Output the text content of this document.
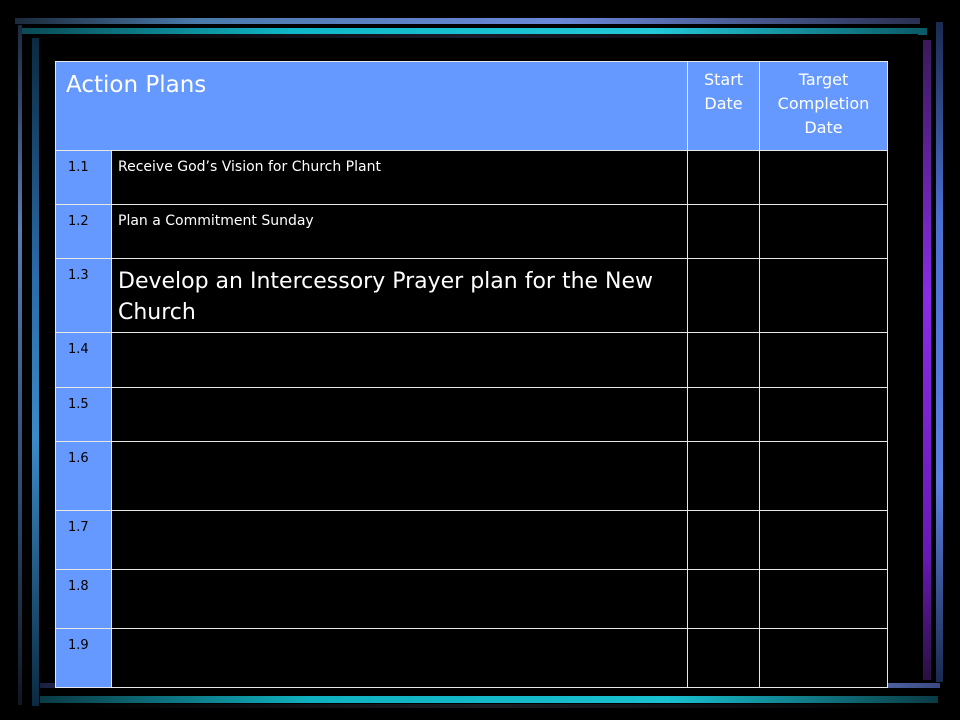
Action Plans		Start Date	Target Completion Date
1.1	Receive God’s Vision for Church Plant		
1.2	Plan a Commitment Sunday		
1.3	Develop an Intercessory Prayer plan for the New Church		
1.4			
1.5			
1.6			
1.7			
1.8			
1.9			
